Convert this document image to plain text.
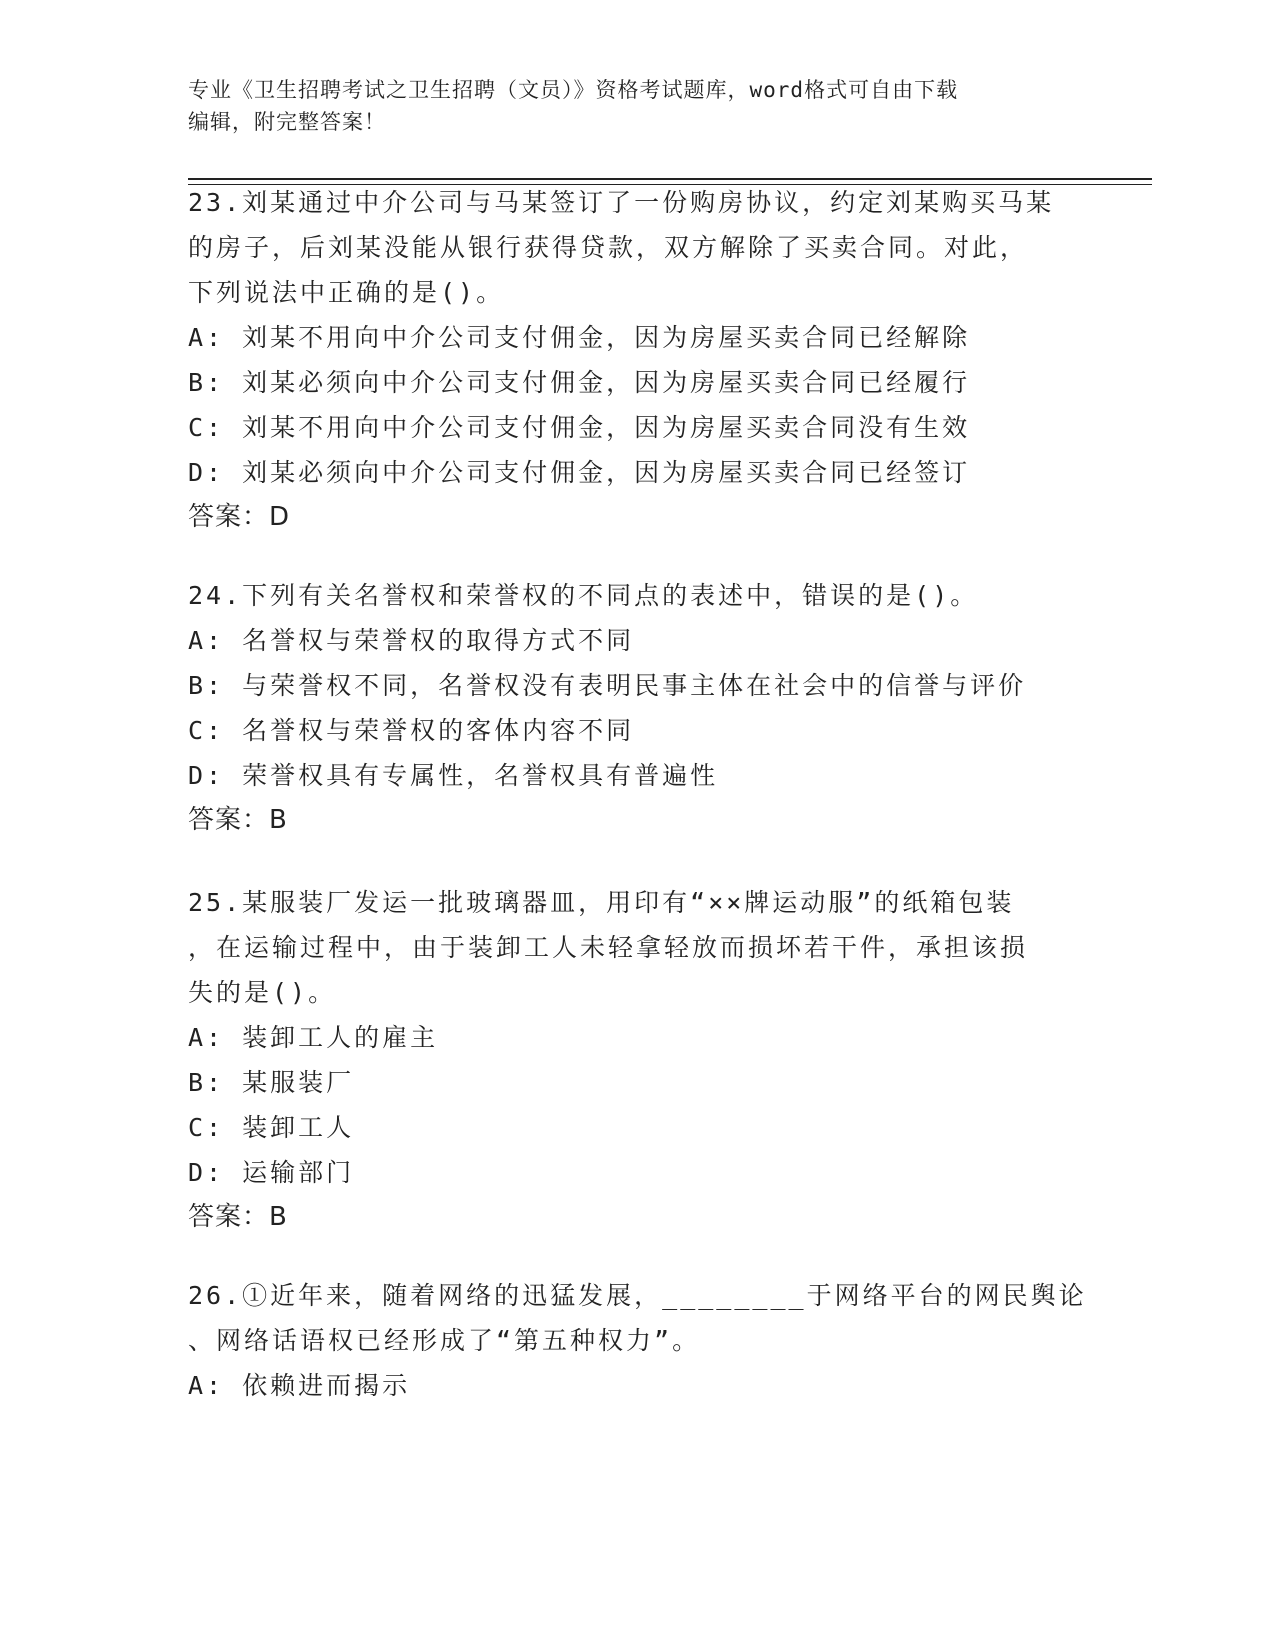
专业《卫生招聘考试之卫生招聘（文员）》资格考试题库，word格式可自由下载
编辑，附完整答案！
23.刘某通过中介公司与马某签订了一份购房协议，约定刘某购买马某
的房子，后刘某没能从银行获得贷款，双方解除了买卖合同。对此，
下列说法中正确的是()。
A: 刘某不用向中介公司支付佣金，因为房屋买卖合同已经解除
B: 刘某必须向中介公司支付佣金，因为房屋买卖合同已经履行
C: 刘某不用向中介公司支付佣金，因为房屋买卖合同没有生效
D: 刘某必须向中介公司支付佣金，因为房屋买卖合同已经签订
答案：D
24.下列有关名誉权和荣誉权的不同点的表述中，错误的是()。
A: 名誉权与荣誉权的取得方式不同
B: 与荣誉权不同，名誉权没有表明民事主体在社会中的信誉与评价
C: 名誉权与荣誉权的客体内容不同
D: 荣誉权具有专属性，名誉权具有普遍性
答案：B
25.某服装厂发运一批玻璃器皿，用印有“××牌运动服”的纸箱包装
，在运输过程中，由于装卸工人未轻拿轻放而损坏若干件，承担该损
失的是()。
A: 装卸工人的雇主
B: 某服装厂
C: 装卸工人
D: 运输部门
答案：B
26.①近年来，随着网络的迅猛发展，________于网络平台的网民舆论
、网络话语权已经形成了“第五种权力”。
A: 依赖进而揭示
